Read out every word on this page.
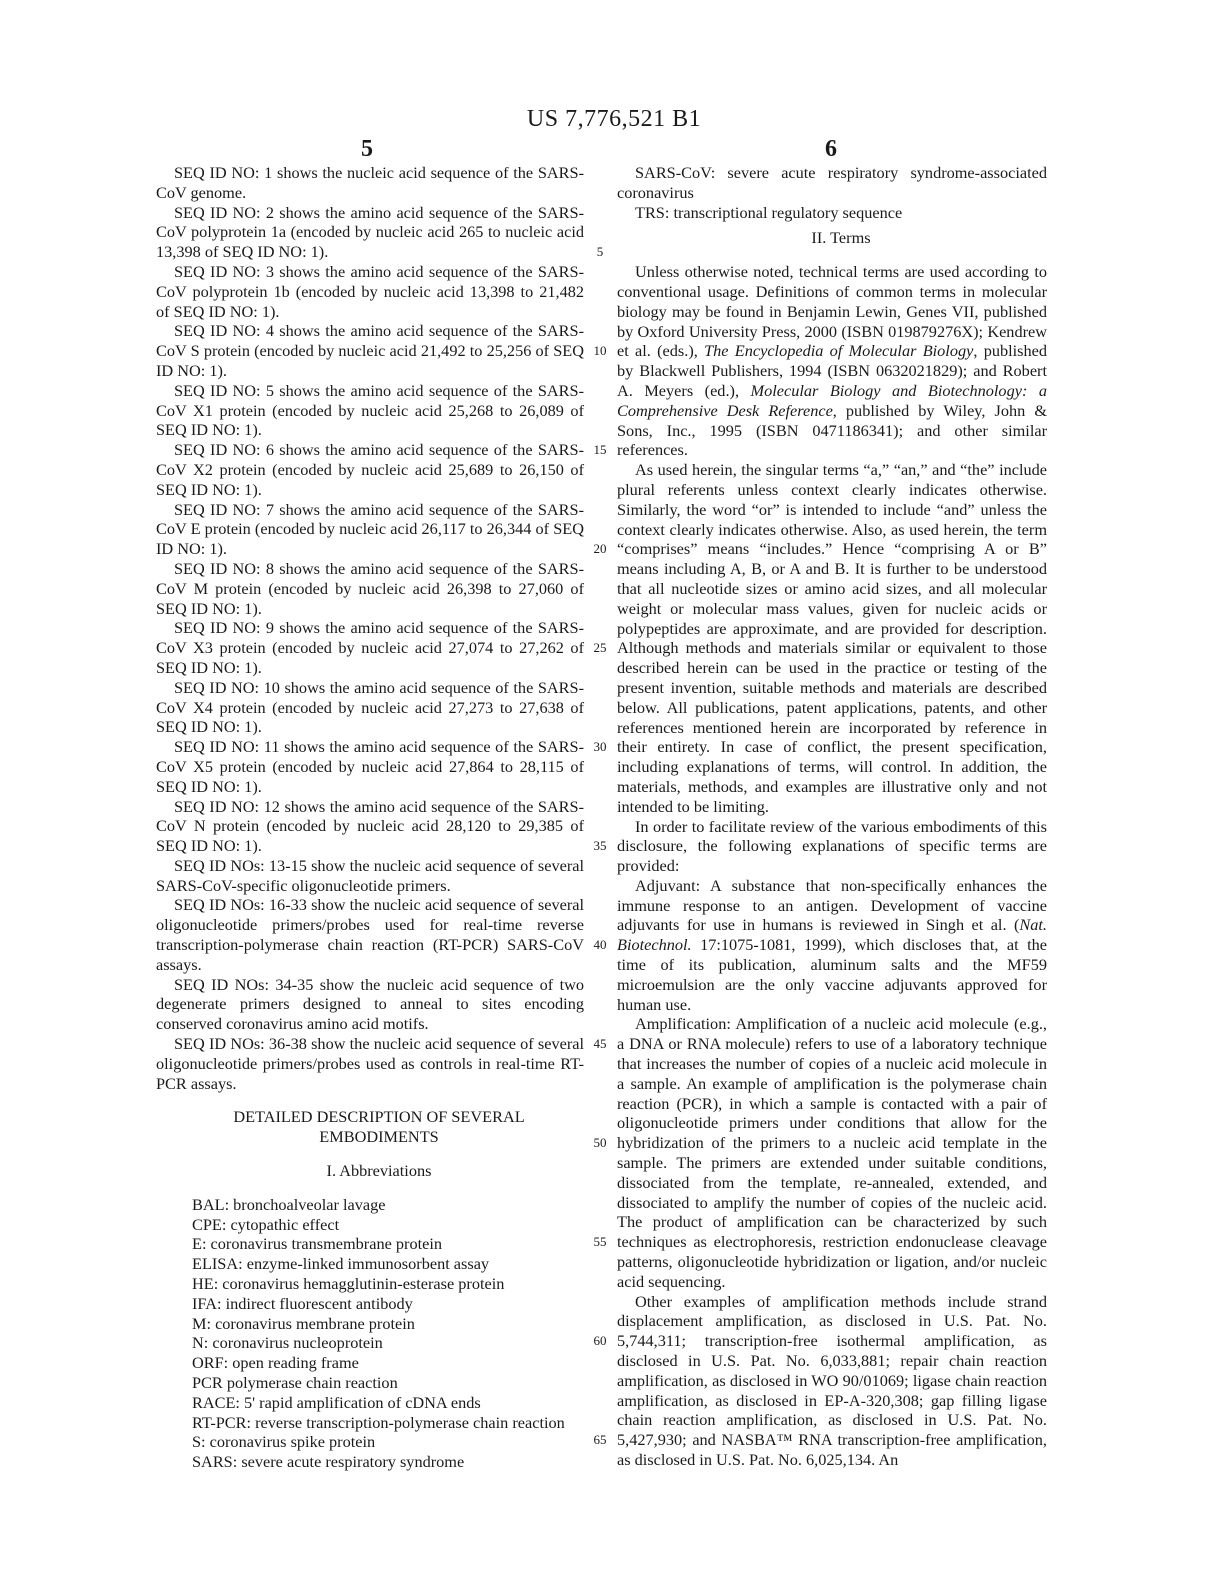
US 7,776,521 B1
5	6
5
10
15
20
25
30
35
40
45
50
55
60
65

SEQ ID NO: 1 shows the nucleic acid sequence of the SARS-CoV genome.

SEQ ID NO: 2 shows the amino acid sequence of the SARS-CoV polyprotein 1a (encoded by nucleic acid 265 to nucleic acid 13,398 of SEQ ID NO: 1).

SEQ ID NO: 3 shows the amino acid sequence of the SARS-CoV polyprotein 1b (encoded by nucleic acid 13,398 to 21,482 of SEQ ID NO: 1).

SEQ ID NO: 4 shows the amino acid sequence of the SARS-CoV S protein (encoded by nucleic acid 21,492 to 25,256 of SEQ ID NO: 1).

SEQ ID NO: 5 shows the amino acid sequence of the SARS-CoV X1 protein (encoded by nucleic acid 25,268 to 26,089 of SEQ ID NO: 1).

SEQ ID NO: 6 shows the amino acid sequence of the SARS-CoV X2 protein (encoded by nucleic acid 25,689 to 26,150 of SEQ ID NO: 1).

SEQ ID NO: 7 shows the amino acid sequence of the SARS-CoV E protein (encoded by nucleic acid 26,117 to 26,344 of SEQ ID NO: 1).

SEQ ID NO: 8 shows the amino acid sequence of the SARS-CoV M protein (encoded by nucleic acid 26,398 to 27,060 of SEQ ID NO: 1).

SEQ ID NO: 9 shows the amino acid sequence of the SARS-CoV X3 protein (encoded by nucleic acid 27,074 to 27,262 of SEQ ID NO: 1).

SEQ ID NO: 10 shows the amino acid sequence of the SARS-CoV X4 protein (encoded by nucleic acid 27,273 to 27,638 of SEQ ID NO: 1).

SEQ ID NO: 11 shows the amino acid sequence of the SARS-CoV X5 protein (encoded by nucleic acid 27,864 to 28,115 of SEQ ID NO: 1).

SEQ ID NO: 12 shows the amino acid sequence of the SARS-CoV N protein (encoded by nucleic acid 28,120 to 29,385 of SEQ ID NO: 1).

SEQ ID NOs: 13-15 show the nucleic acid sequence of several SARS-CoV-specific oligonucleotide primers.

SEQ ID NOs: 16-33 show the nucleic acid sequence of several oligonucleotide primers/probes used for real-time reverse transcription-polymerase chain reaction (RT-PCR) SARS-CoV assays.

SEQ ID NOs: 34-35 show the nucleic acid sequence of two degenerate primers designed to anneal to sites encoding conserved coronavirus amino acid motifs.

SEQ ID NOs: 36-38 show the nucleic acid sequence of several oligonucleotide primers/probes used as controls in real-time RT-PCR assays.

DETAILED DESCRIPTION OF SEVERAL

EMBODIMENTS

I. Abbreviations

BAL: bronchoalveolar lavage

CPE: cytopathic effect

E: coronavirus transmembrane protein

ELISA: enzyme-linked immunosorbent assay

HE: coronavirus hemagglutinin-esterase protein

IFA: indirect fluorescent antibody

M: coronavirus membrane protein

N: coronavirus nucleoprotein

ORF: open reading frame

PCR polymerase chain reaction

RACE: 5' rapid amplification of cDNA ends

RT-PCR: reverse transcription-polymerase chain reaction

S: coronavirus spike protein

SARS: severe acute respiratory syndrome

SARS-CoV: severe acute respiratory syndrome-associated coronavirus

TRS: transcriptional regulatory sequence

II. Terms

Unless otherwise noted, technical terms are used according to conventional usage. Definitions of common terms in molecular biology may be found in Benjamin Lewin, Genes VII, published by Oxford University Press, 2000 (ISBN 019879276X); Kendrew et al. (eds.), The Encyclopedia of Molecular Biology, published by Blackwell Publishers, 1994 (ISBN 0632021829); and Robert A. Meyers (ed.), Molecular Biology and Biotechnology: a Comprehensive Desk Reference, published by Wiley, John & Sons, Inc., 1995 (ISBN 0471186341); and other similar references.

As used herein, the singular terms “a,” “an,” and “the” include plural referents unless context clearly indicates otherwise. Similarly, the word “or” is intended to include “and” unless the context clearly indicates otherwise. Also, as used herein, the term “comprises” means “includes.” Hence “comprising A or B” means including A, B, or A and B. It is further to be understood that all nucleotide sizes or amino acid sizes, and all molecular weight or molecular mass values, given for nucleic acids or polypeptides are approximate, and are provided for description. Although methods and materials similar or equivalent to those described herein can be used in the practice or testing of the present invention, suitable methods and materials are described below. All publications, patent applications, patents, and other references mentioned herein are incorporated by reference in their entirety. In case of conflict, the present specification, including explanations of terms, will control. In addition, the materials, methods, and examples are illustrative only and not intended to be limiting.

In order to facilitate review of the various embodiments of this disclosure, the following explanations of specific terms are provided:

Adjuvant: A substance that non-specifically enhances the immune response to an antigen. Development of vaccine adjuvants for use in humans is reviewed in Singh et al. (Nat. Biotechnol. 17:1075-1081, 1999), which discloses that, at the time of its publication, aluminum salts and the MF59 microemulsion are the only vaccine adjuvants approved for human use.

Amplification: Amplification of a nucleic acid molecule (e.g., a DNA or RNA molecule) refers to use of a laboratory technique that increases the number of copies of a nucleic acid molecule in a sample. An example of amplification is the polymerase chain reaction (PCR), in which a sample is contacted with a pair of oligonucleotide primers under conditions that allow for the hybridization of the primers to a nucleic acid template in the sample. The primers are extended under suitable conditions, dissociated from the template, re-annealed, extended, and dissociated to amplify the number of copies of the nucleic acid. The product of amplification can be characterized by such techniques as electrophoresis, restriction endonuclease cleavage patterns, oligonucleotide hybridization or ligation, and/or nucleic acid sequencing.

Other examples of amplification methods include strand displacement amplification, as disclosed in U.S. Pat. No. 5,744,311; transcription-free isothermal amplification, as disclosed in U.S. Pat. No. 6,033,881; repair chain reaction amplification, as disclosed in WO 90/01069; ligase chain reaction amplification, as disclosed in EP-A-320,308; gap filling ligase chain reaction amplification, as disclosed in U.S. Pat. No. 5,427,930; and NASBA™ RNA transcription-free amplification, as disclosed in U.S. Pat. No. 6,025,134. An
